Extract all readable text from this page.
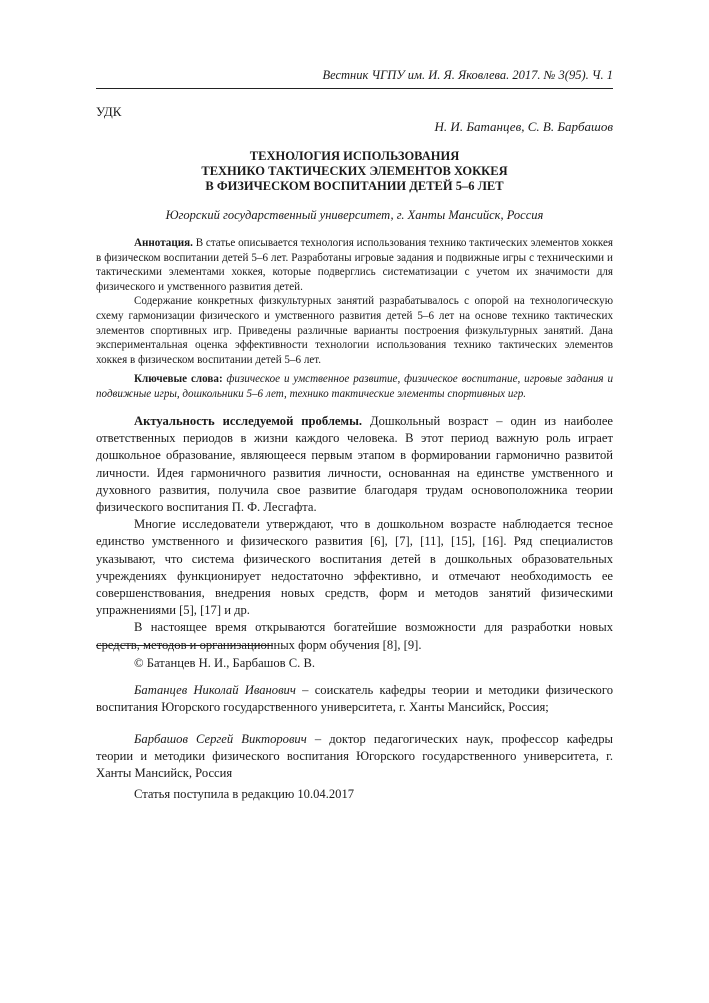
Вестник ЧГПУ им. И. Я. Яковлева. 2017. № 3(95). Ч. 1
УДК
Н. И. Батанцев, С. В. Барбашов
ТЕХНОЛОГИЯ ИСПОЛЬЗОВАНИЯ
ТЕХНИКО ТАКТИЧЕСКИХ ЭЛЕМЕНТОВ ХОККЕЯ
В ФИЗИЧЕСКОМ ВОСПИТАНИИ ДЕТЕЙ 5–6 ЛЕТ
Югорский государственный университет, г. Ханты Мансийск, Россия

Аннотация. В статье описывается технология использования технико тактических элементов хоккея в физическом воспитании детей 5–6 лет. Разработаны игровые задания и подвижные игры с техническими и тактическими элементами хоккея, которые подверглись систематизации с учетом их значимости для физического и умственного развития детей.

Содержание конкретных физкультурных занятий разрабатывалось с опорой на технологическую схему гармонизации физического и умственного развития детей 5–6 лет на основе технико тактических элементов спортивных игр. Приведены различные варианты построения физкультурных занятий. Дана экспериментальная оценка эффективности технологии использования технико тактических элементов хоккея в физическом воспитании детей 5–6 лет.

Ключевые слова: физическое и умственное развитие, физическое воспитание, игровые задания и подвижные игры, дошкольники 5–6 лет, технико тактические элементы спортивных игр.

Актуальность исследуемой проблемы. Дошкольный возраст – один из наиболее ответственных периодов в жизни каждого человека. В этот период важную роль играет дошкольное образование, являющееся первым этапом в формировании гармонично развитой личности. Идея гармоничного развития личности, основанная на единстве умственного и духовного развития, получила свое развитие благодаря трудам основоположника теории физического воспитания П. Ф. Лесгафта.

Многие исследователи утверждают, что в дошкольном возрасте наблюдается тесное единство умственного и физического развития [6], [7], [11], [15], [16]. Ряд специалистов указывают, что система физического воспитания детей в дошкольных образовательных учреждениях функционирует недостаточно эффективно, и отмечают необходимость ее совершенствования, внедрения новых средств, форм и методов занятий физическими упражнениями [5], [17] и др.

В настоящее время открываются богатейшие возможности для разработки новых средств, методов и организационных форм обучения [8], [9].

© Батанцев Н. И., Барбашов С. В.

Батанцев Николай Иванович – соискатель кафедры теории и методики физического воспитания Югорского государственного университета, г. Ханты Мансийск, Россия;

Барбашов Сергей Викторович – доктор педагогических наук, профессор кафедры теории и методики физического воспитания Югорского государственного университета, г. Ханты Мансийск, Россия

Статья поступила в редакцию 10.04.2017
